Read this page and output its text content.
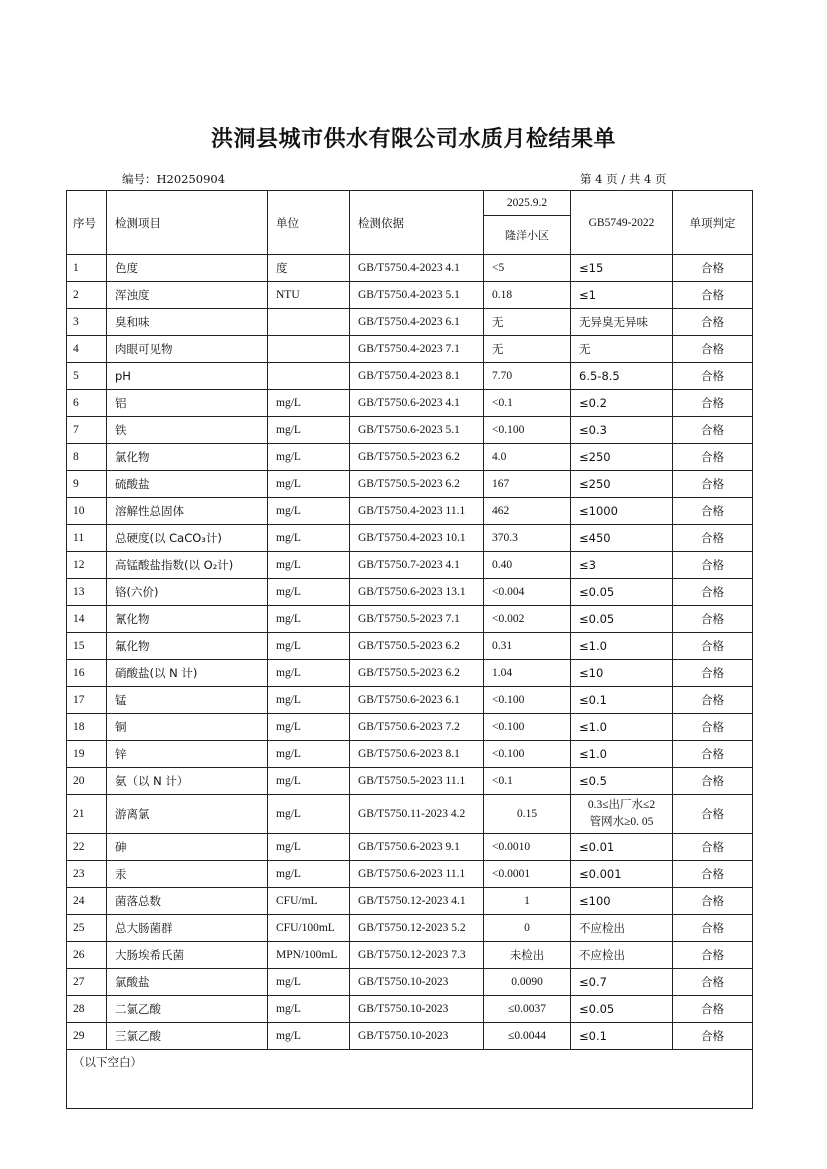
洪洞县城市供水有限公司水质月检结果单
编号：H20250904	第 4 页 / 共 4 页
序号	检测项目	单位	检测依据	2025.9.2	GB5749-2022	单项判定
				隆洋小区		
1	色度	度	GB/T5750.4-2023 4.1	<5	≤15	合格
2	浑浊度	NTU	GB/T5750.4-2023 5.1	0.18	≤1	合格
3	臭和味		GB/T5750.4-2023 6.1	无	无异臭无异味	合格
4	肉眼可见物		GB/T5750.4-2023 7.1	无	无	合格
5	pH		GB/T5750.4-2023 8.1	7.70	6.5-8.5	合格
6	铝	mg/L	GB/T5750.6-2023 4.1	<0.1	≤0.2	合格
7	铁	mg/L	GB/T5750.6-2023 5.1	<0.100	≤0.3	合格
8	氯化物	mg/L	GB/T5750.5-2023 6.2	4.0	≤250	合格
9	硫酸盐	mg/L	GB/T5750.5-2023 6.2	167	≤250	合格
10	溶解性总固体	mg/L	GB/T5750.4-2023 11.1	462	≤1000	合格
11	总硬度(以 CaCO₃计)	mg/L	GB/T5750.4-2023 10.1	370.3	≤450	合格
12	高锰酸盐指数(以 O₂计)	mg/L	GB/T5750.7-2023 4.1	0.40	≤3	合格
13	铬(六价)	mg/L	GB/T5750.6-2023 13.1	<0.004	≤0.05	合格
14	氰化物	mg/L	GB/T5750.5-2023 7.1	<0.002	≤0.05	合格
15	氟化物	mg/L	GB/T5750.5-2023 6.2	0.31	≤1.0	合格
16	硝酸盐(以 N 计)	mg/L	GB/T5750.5-2023 6.2	1.04	≤10	合格
17	锰	mg/L	GB/T5750.6-2023 6.1	<0.100	≤0.1	合格
18	铜	mg/L	GB/T5750.6-2023 7.2	<0.100	≤1.0	合格
19	锌	mg/L	GB/T5750.6-2023 8.1	<0.100	≤1.0	合格
20	氨（以 N 计）	mg/L	GB/T5750.5-2023 11.1	<0.1	≤0.5	合格
21	游离氯	mg/L	GB/T5750.11-2023 4.2	0.15	0.3≤出厂水≤2
管网水≥0. 05	合格
22	砷	mg/L	GB/T5750.6-2023 9.1	<0.0010	≤0.01	合格
23	汞	mg/L	GB/T5750.6-2023 11.1	<0.0001	≤0.001	合格
24	菌落总数	CFU/mL	GB/T5750.12-2023 4.1	1	≤100	合格
25	总大肠菌群	CFU/100mL	GB/T5750.12-2023 5.2	0	不应检出	合格
26	大肠埃希氏菌	MPN/100mL	GB/T5750.12-2023 7.3	未检出	不应检出	合格
27	氯酸盐	mg/L	GB/T5750.10-2023	0.0090	≤0.7	合格
28	二氯乙酸	mg/L	GB/T5750.10-2023	≤0.0037	≤0.05	合格
29	三氯乙酸	mg/L	GB/T5750.10-2023	≤0.0044	≤0.1	合格
（以下空白）						
